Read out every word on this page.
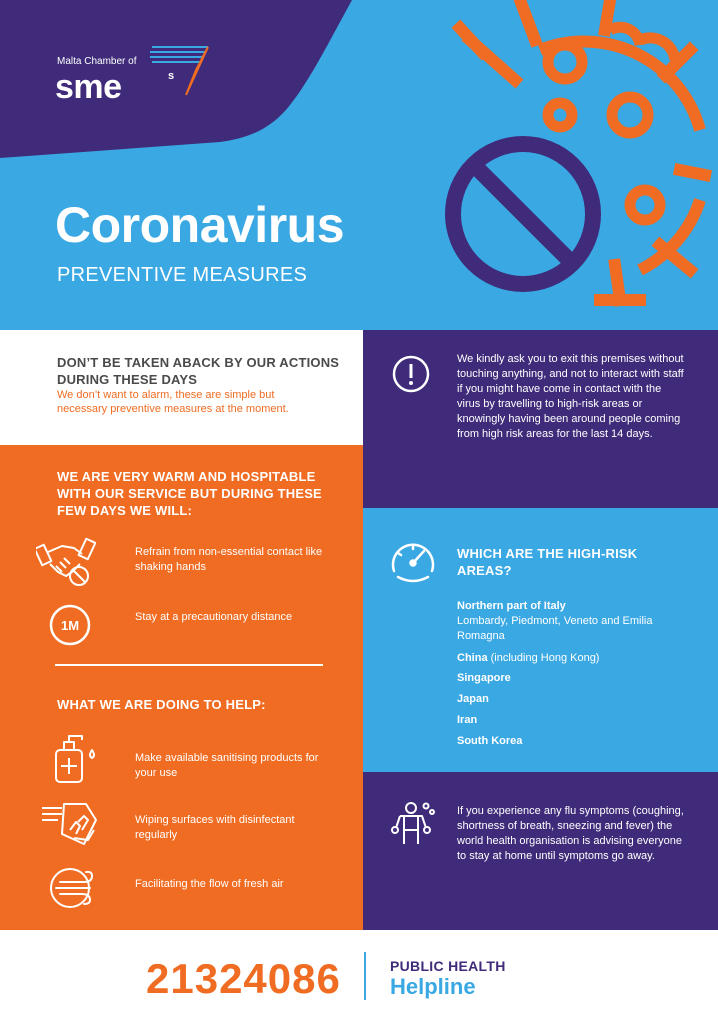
Malta Chamber of
sme	s
Coronavirus
PREVENTIVE MEASURES
DON’T BE TAKEN ABACK BY OUR ACTIONS DURING THESE DAYS
We don’t want to alarm, these are simple but necessary preventive measures at the moment.
WE ARE VERY WARM AND HOSPITABLE WITH OUR SERVICE BUT DURING THESE FEW DAYS WE WILL:
Refrain from non-essential contact like shaking hands
1M
Stay at a precautionary distance
WHAT WE ARE DOING TO HELP:
Make available sanitising products for your use
Wiping surfaces with disinfectant regularly
Facilitating the flow of fresh air
We kindly ask you to exit this premises without touching anything, and not to interact with staff if you might have come in contact with the virus by travelling to high-risk areas or knowingly having been around people coming from high risk areas for the last 14 days.
WHICH ARE THE HIGH-RISK AREAS?
Northern part of Italy
Lombardy, Piedmont, Veneto and Emilia Romagna
China (including Hong Kong)
Singapore
Japan
Iran
South Korea
If you experience any flu symptoms (coughing, shortness of breath, sneezing and fever) the world health organisation is advising everyone to stay at home until symptoms go away.
21324086	PUBLIC HEALTH
Helpline
